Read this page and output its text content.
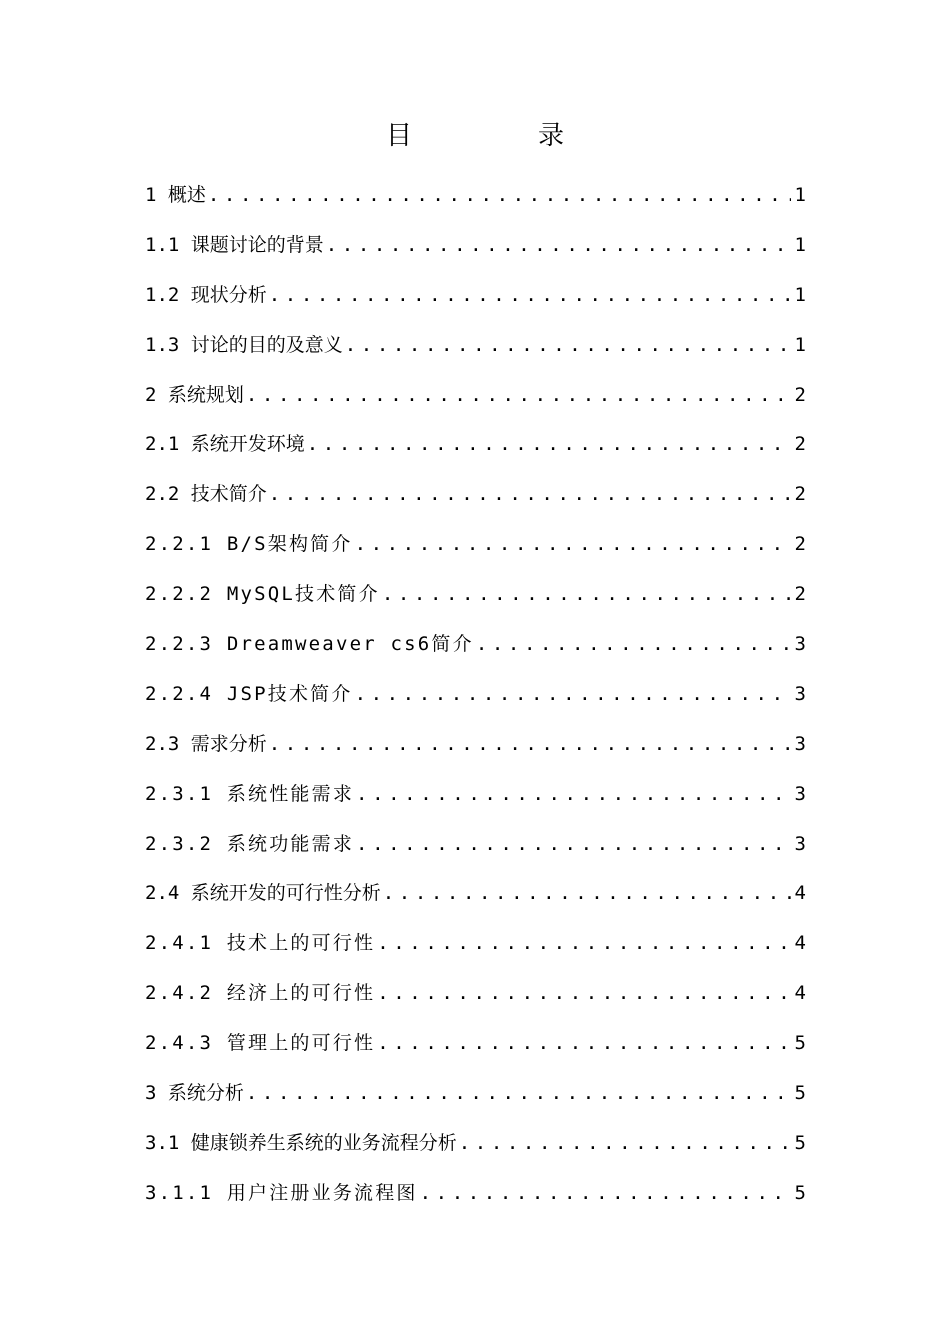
目　录
1 概述 .....	1
1.1 课题讨论的背景 .....	1
1.2 现状分析 .....	1
1.3 讨论的目的及意义 .....	1
2 系统规划 .....	2
2.1 系统开发环境 .....	2
2.2 技术简介 .....	2
2.2.1 B/S架构简介 .....	2
2.2.2 MySQL技术简介 .....	2
2.2.3 Dreamweaver cs6简介 .....	3
2.2.4 JSP技术简介 .....	3
2.3 需求分析 .....	3
2.3.1 系统性能需求 .....	3
2.3.2 系统功能需求 .....	3
2.4 系统开发的可行性分析 .....	4
2.4.1 技术上的可行性 .....	4
2.4.2 经济上的可行性 .....	4
2.4.3 管理上的可行性 .....	5
3 系统分析 .....	5
3.1 健康锁养生系统的业务流程分析 .....	5
3.1.1 用户注册业务流程图 .....	5
